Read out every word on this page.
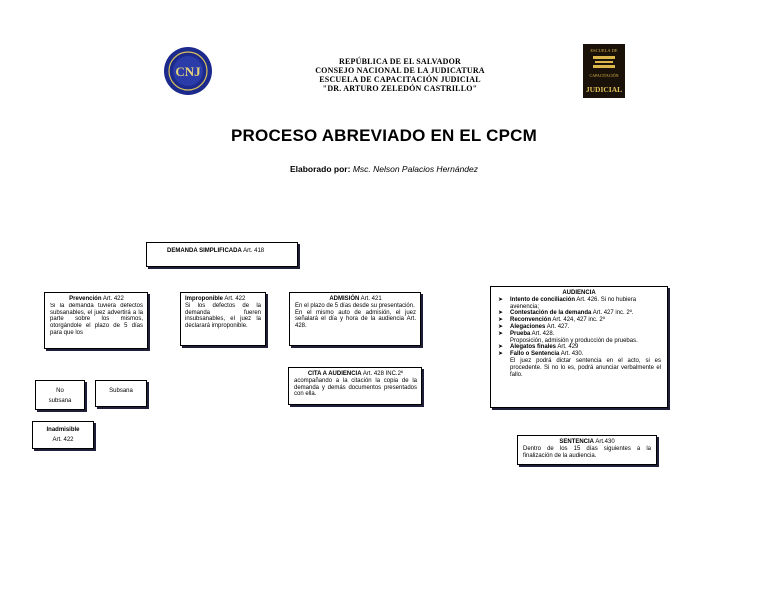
CNJ
REPÚBLICA DE EL SALVADOR
CONSEJO NACIONAL DE LA JUDICATURA
ESCUELA DE CAPACITACIÓN JUDICIAL
"DR. ARTURO ZELEDÓN CASTRILLO"
ESCUELA DE
CAPACITACIÓN
JUDICIAL
PROCESO ABREVIADO EN EL CPCM
Elaborado por: Msc. Nelson Palacios Hernández
DEMANDA SIMPLIFICADA Art. 418
Prevención Art. 422
Si la demanda tuviera defectos subsanables, el juez advertirá a la parte sobre los mismos, otorgándole el plazo de 5 días para que los
Improponible Art. 422
Si los defectos de la demanda fueren insubsanables, el juez la declarará improponible.
ADMISIÓN Art. 421
En el plazo de 5 días desde su presentación.
En el mismo auto de admisión, el juez señalará el día y hora de la audiencia Art. 428.
No
subsana
Subsana
Inadmisible
Art. 422
CITA A AUDIENCIA Art. 428 INC.2º
acompañando a la citación la copia de la demanda y demás documentos presentados con ella.
AUDIENCIA
➤ Intento de conciliación Art. 426. Si no hubiera avenencia;
➤ Contestación de la demanda Art. 427 inc. 2º.
➤ Reconvención Art. 424, 427 inc. 2º
➤ Alegaciones Art. 427.
➤ Prueba Art. 428.
Proposición, admisión y producción de pruebas.
➤ Alegatos finales Art. 429
➤ Fallo o Sentencia Art. 430.
El juez podrá dictar sentencia en el acto, si es procedente. Si no lo es, podrá anunciar verbalmente el fallo.
SENTENCIA Art.430
Dentro de los 15 días siguientes a la finalización de la audiencia.
